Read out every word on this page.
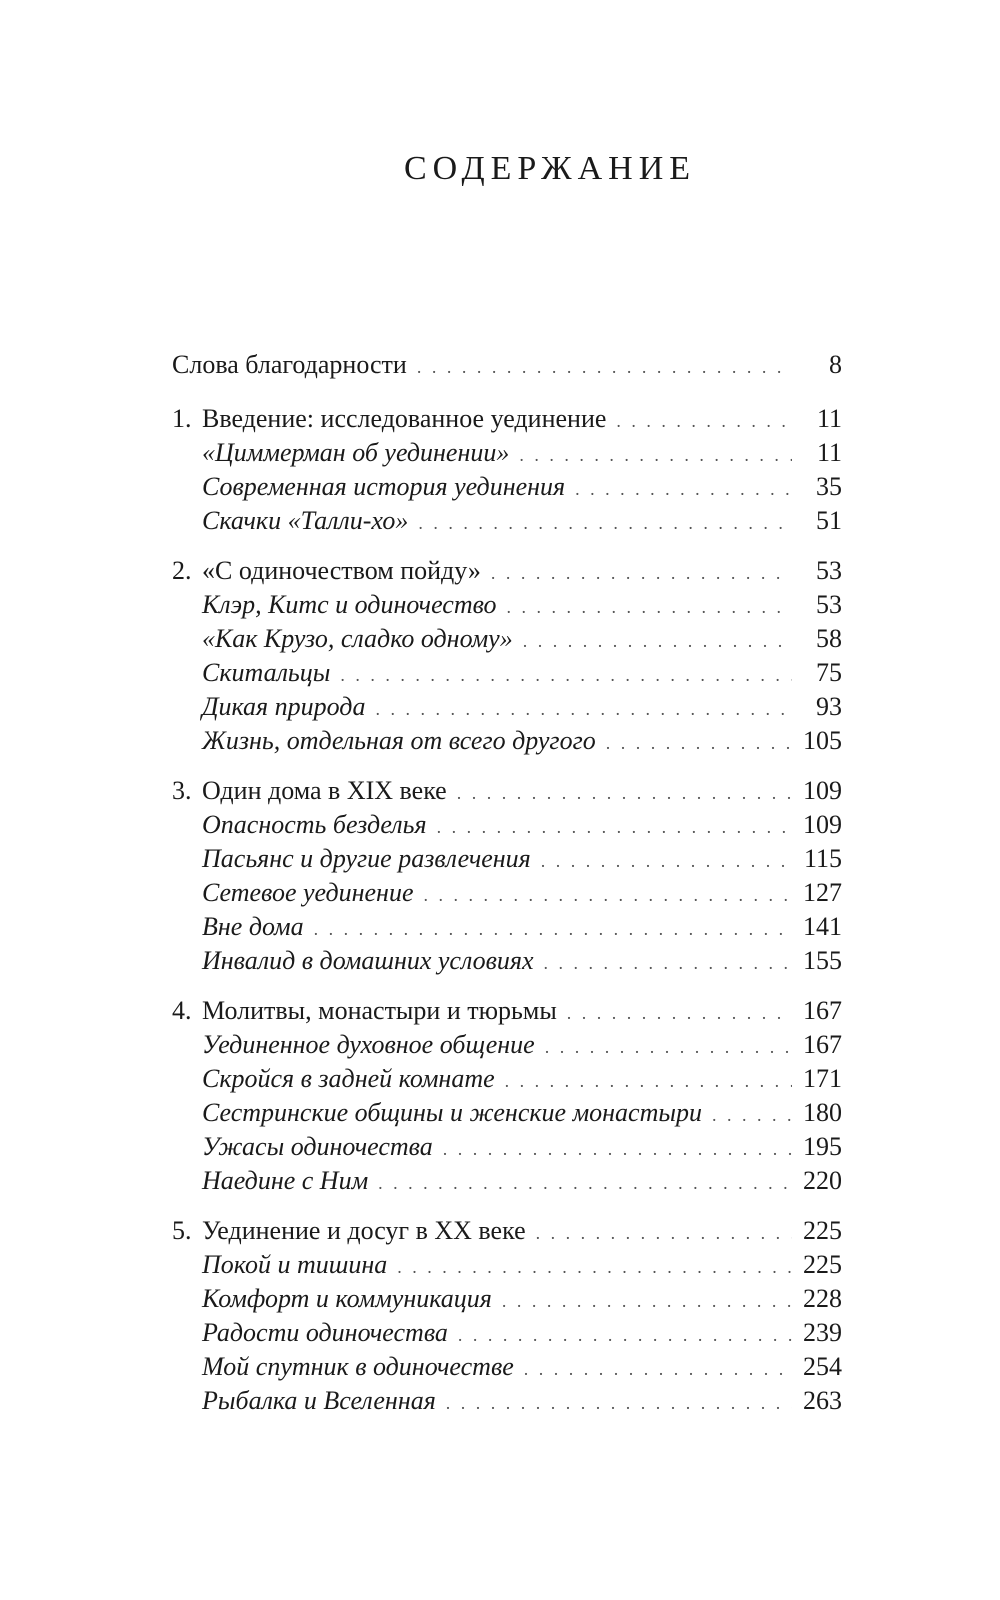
СОДЕРЖАНИЕ
Слова благодарности . . .	8
1. Введение: исследованное уединение . . .	11
«Циммерман об уединении» . . .	11
Современная история уединения . . .	35
Скачки «Талли-хо» . . .	51
2. «С одиночеством пойду» . . .	53
Клэр, Китс и одиночество . . .	53
«Как Крузо, сладко одному» . . .	58
Скитальцы . . .	75
Дикая природа . . .	93
Жизнь, отдельная от всего другого . . .	105
3. Один дома в XIX веке . . .	109
Опасность безделья . . .	109
Пасьянс и другие развлечения . . .	115
Сетевое уединение . . .	127
Вне дома . . .	141
Инвалид в домашних условиях . . .	155
4. Молитвы, монастыри и тюрьмы . . .	167
Уединенное духовное общение . . .	167
Скройся в задней комнате . . .	171
Сестринские общины и женские монастыри . . .	180
Ужасы одиночества . . .	195
Наедине с Ним . . .	220
5. Уединение и досуг в XX веке . . .	225
Покой и тишина . . .	225
Комфорт и коммуникация . . .	228
Радости одиночества . . .	239
Мой спутник в одиночестве . . .	254
Рыбалка и Вселенная . . .	263
